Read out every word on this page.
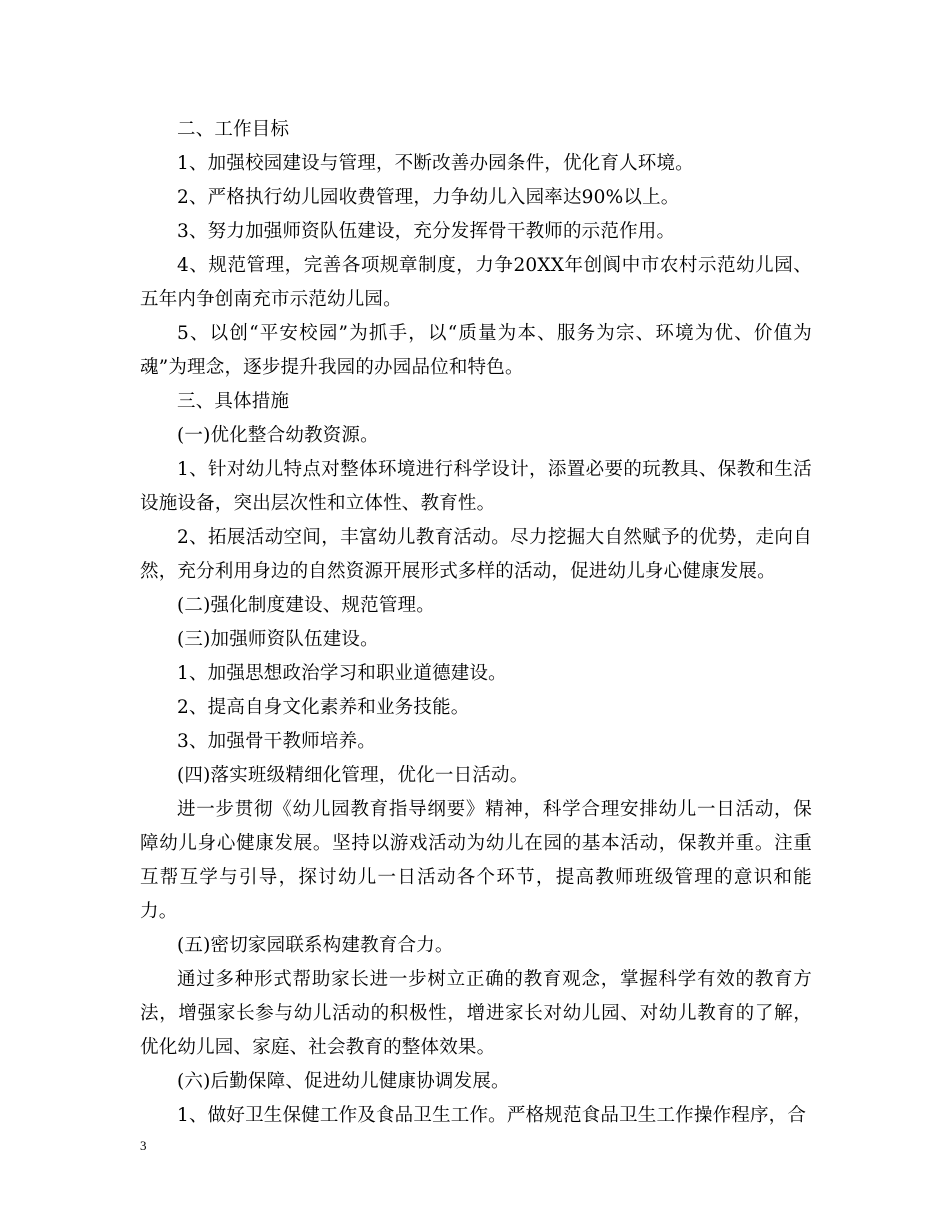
二、工作目标

1、加强校园建设与管理，不断改善办园条件，优化育人环境。

2、严格执行幼儿园收费管理，力争幼儿入园率达90%以上。

3、努力加强师资队伍建设，充分发挥骨干教师的示范作用。

4、规范管理，完善各项规章制度，力争20XX年创阆中市农村示范幼儿园、五年内争创南充市示范幼儿园。

5、以创“平安校园”为抓手，以“质量为本、服务为宗、环境为优、价值为魂”为理念，逐步提升我园的办园品位和特色。

三、具体措施

(一)优化整合幼教资源。

1、针对幼儿特点对整体环境进行科学设计，添置必要的玩教具、保教和生活设施设备，突出层次性和立体性、教育性。

2、拓展活动空间，丰富幼儿教育活动。尽力挖掘大自然赋予的优势，走向自然，充分利用身边的自然资源开展形式多样的活动，促进幼儿身心健康发展。

(二)强化制度建设、规范管理。

(三)加强师资队伍建设。

1、加强思想政治学习和职业道德建设。

2、提高自身文化素养和业务技能。

3、加强骨干教师培养。

(四)落实班级精细化管理，优化一日活动。

进一步贯彻《幼儿园教育指导纲要》精神，科学合理安排幼儿一日活动，保障幼儿身心健康发展。坚持以游戏活动为幼儿在园的基本活动，保教并重。注重互帮互学与引导，探讨幼儿一日活动各个环节，提高教师班级管理的意识和能力。

(五)密切家园联系构建教育合力。

通过多种形式帮助家长进一步树立正确的教育观念，掌握科学有效的教育方法，增强家长参与幼儿活动的积极性，增进家长对幼儿园、对幼儿教育的了解，优化幼儿园、家庭、社会教育的整体效果。

(六)后勤保障、促进幼儿健康协调发展。

1、做好卫生保健工作及食品卫生工作。严格规范食品卫生工作操作程序，合

3
